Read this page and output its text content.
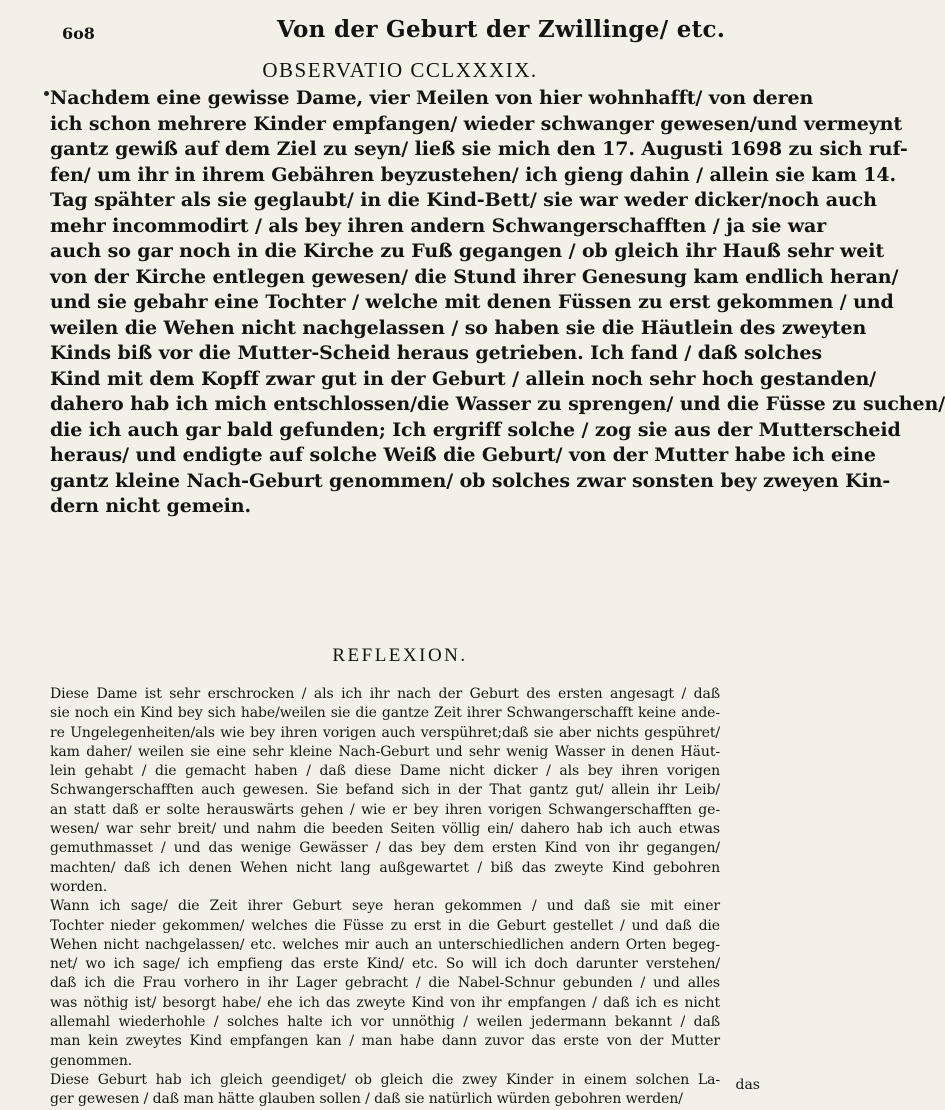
6o8	Von der Geburt der Zwillinge/ etc.
OBSERVATIO CCLXXXIX.
Nachdem eine gewisse Dame, vier Meilen von hier wohnhafft/ von deren
ich schon mehrere Kinder empfangen/ wieder schwanger gewesen/und vermeynt
gantz gewiß auf dem Ziel zu seyn/ ließ sie mich den 17. Augusti 1698 zu sich ruf-
fen/ um ihr in ihrem Gebähren beyzustehen/ ich gieng dahin / allein sie kam 14.
Tag spähter als sie geglaubt/ in die Kind-Bett/ sie war weder dicker/noch auch
mehr incommodirt / als bey ihren andern Schwangerschafften / ja sie war
auch so gar noch in die Kirche zu Fuß gegangen / ob gleich ihr Hauß sehr weit
von der Kirche entlegen gewesen/ die Stund ihrer Genesung kam endlich heran/
und sie gebahr eine Tochter / welche mit denen Füssen zu erst gekommen / und
weilen die Wehen nicht nachgelassen / so haben sie die Häutlein des zweyten
Kinds biß vor die Mutter-Scheid heraus getrieben. Ich fand / daß solches
Kind mit dem Kopff zwar gut in der Geburt / allein noch sehr hoch gestanden/
dahero hab ich mich entschlossen/die Wasser zu sprengen/ und die Füsse zu suchen/
die ich auch gar bald gefunden; Ich ergriff solche / zog sie aus der Mutterscheid
heraus/ und endigte auf solche Weiß die Geburt/ von der Mutter habe ich eine
gantz kleine Nach-Geburt genommen/ ob solches zwar sonsten bey zweyen Kin-
dern nicht gemein.
REFLEXION.
Diese Dame ist sehr erschrocken / als ich ihr nach der Geburt des ersten angesagt / daß
sie noch ein Kind bey sich habe/weilen sie die gantze Zeit ihrer Schwangerschafft keine ande-
re Ungelegenheiten/als wie bey ihren vorigen auch verspühret;daß sie aber nichts gespühret/
kam daher/ weilen sie eine sehr kleine Nach-Geburt und sehr wenig Wasser in denen Häut-
lein gehabt / die gemacht haben / daß diese Dame nicht dicker / als bey ihren vorigen
Schwangerschafften auch gewesen. Sie befand sich in der That gantz gut/ allein ihr Leib/
an statt daß er solte herauswärts gehen / wie er bey ihren vorigen Schwangerschafften ge-
wesen/ war sehr breit/ und nahm die beeden Seiten völlig ein/ dahero hab ich auch etwas
gemuthmasset / und das wenige Gewässer / das bey dem ersten Kind von ihr gegangen/
machten/ daß ich denen Wehen nicht lang außgewartet / biß das zweyte Kind gebohren
worden.
Wann ich sage/ die Zeit ihrer Geburt seye heran gekommen / und daß sie mit einer
Tochter nieder gekommen/ welches die Füsse zu erst in die Geburt gestellet / und daß die
Wehen nicht nachgelassen/ etc. welches mir auch an unterschiedlichen andern Orten begeg-
net/ wo ich sage/ ich empfieng das erste Kind/ etc. So will ich doch darunter verstehen/
daß ich die Frau vorhero in ihr Lager gebracht / die Nabel-Schnur gebunden / und alles
was nöthig ist/ besorgt habe/ ehe ich das zweyte Kind von ihr empfangen / daß ich es nicht
allemahl wiederhohle / solches halte ich vor unnöthig / weilen jedermann bekannt / daß
man kein zweytes Kind empfangen kan / man habe dann zuvor das erste von der Mutter
genommen.
Diese Geburt hab ich gleich geendiget/ ob gleich die zwey Kinder in einem solchen La-
ger gewesen / daß man hätte glauben sollen / daß sie natürlich würden gebohren werden/
das
